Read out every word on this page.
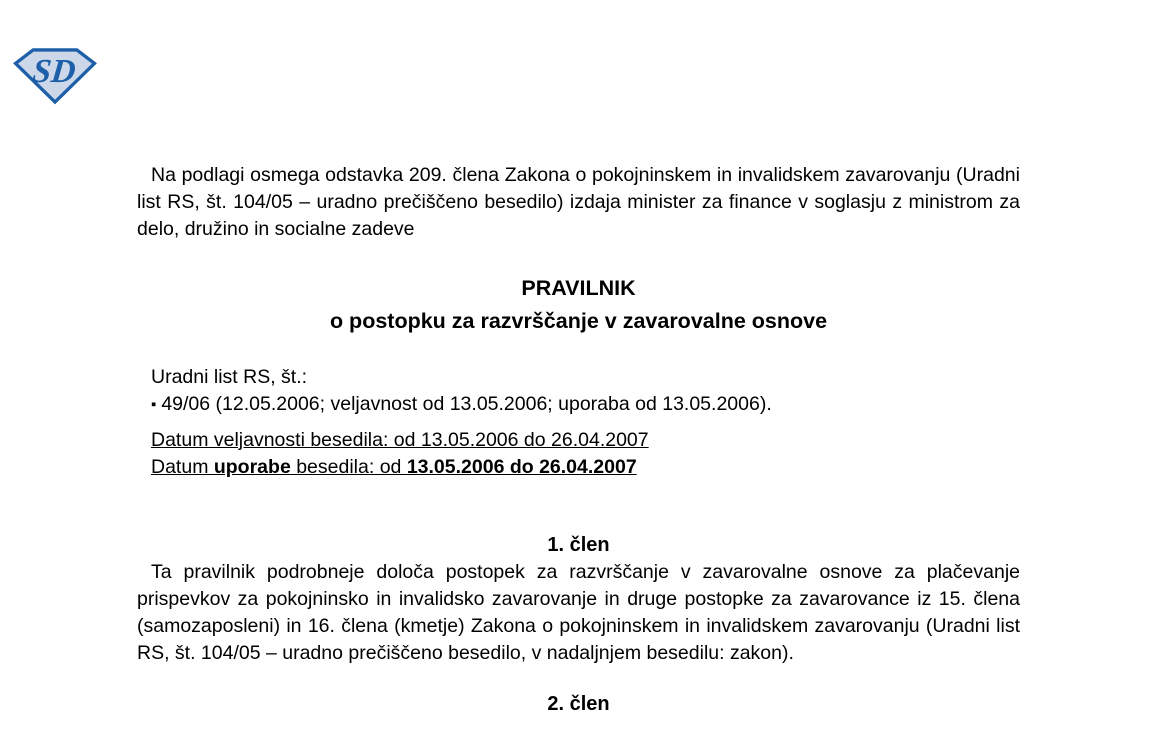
SD

Na podlagi osmega odstavka 209. člena Zakona o pokojninskem in invalidskem zavarovanju (Uradni list RS, št. 104/05 – uradno prečiščeno besedilo) izdaja minister za finance v soglasju z ministrom za delo, družino in socialne zadeve

PRAVILNIK
o postopku za razvrščanje v zavarovalne osnove
Uradni list RS, št.:
▪ 49/06 (12.05.2006; veljavnost od 13.05.2006; uporaba od 13.05.2006).
Datum veljavnosti besedila: od 13.05.2006 do 26.04.2007
Datum uporabe besedila: od 13.05.2006 do 26.04.2007
1. člen

Ta pravilnik podrobneje določa postopek za razvrščanje v zavarovalne osnove za plačevanje prispevkov za pokojninsko in invalidsko zavarovanje in druge postopke za zavarovance iz 15. člena (samozaposleni) in 16. člena (kmetje) Zakona o pokojninskem in invalidskem zavarovanju (Uradni list RS, št. 104/05 – uradno prečiščeno besedilo, v nadaljnjem besedilu: zakon).

2. člen
